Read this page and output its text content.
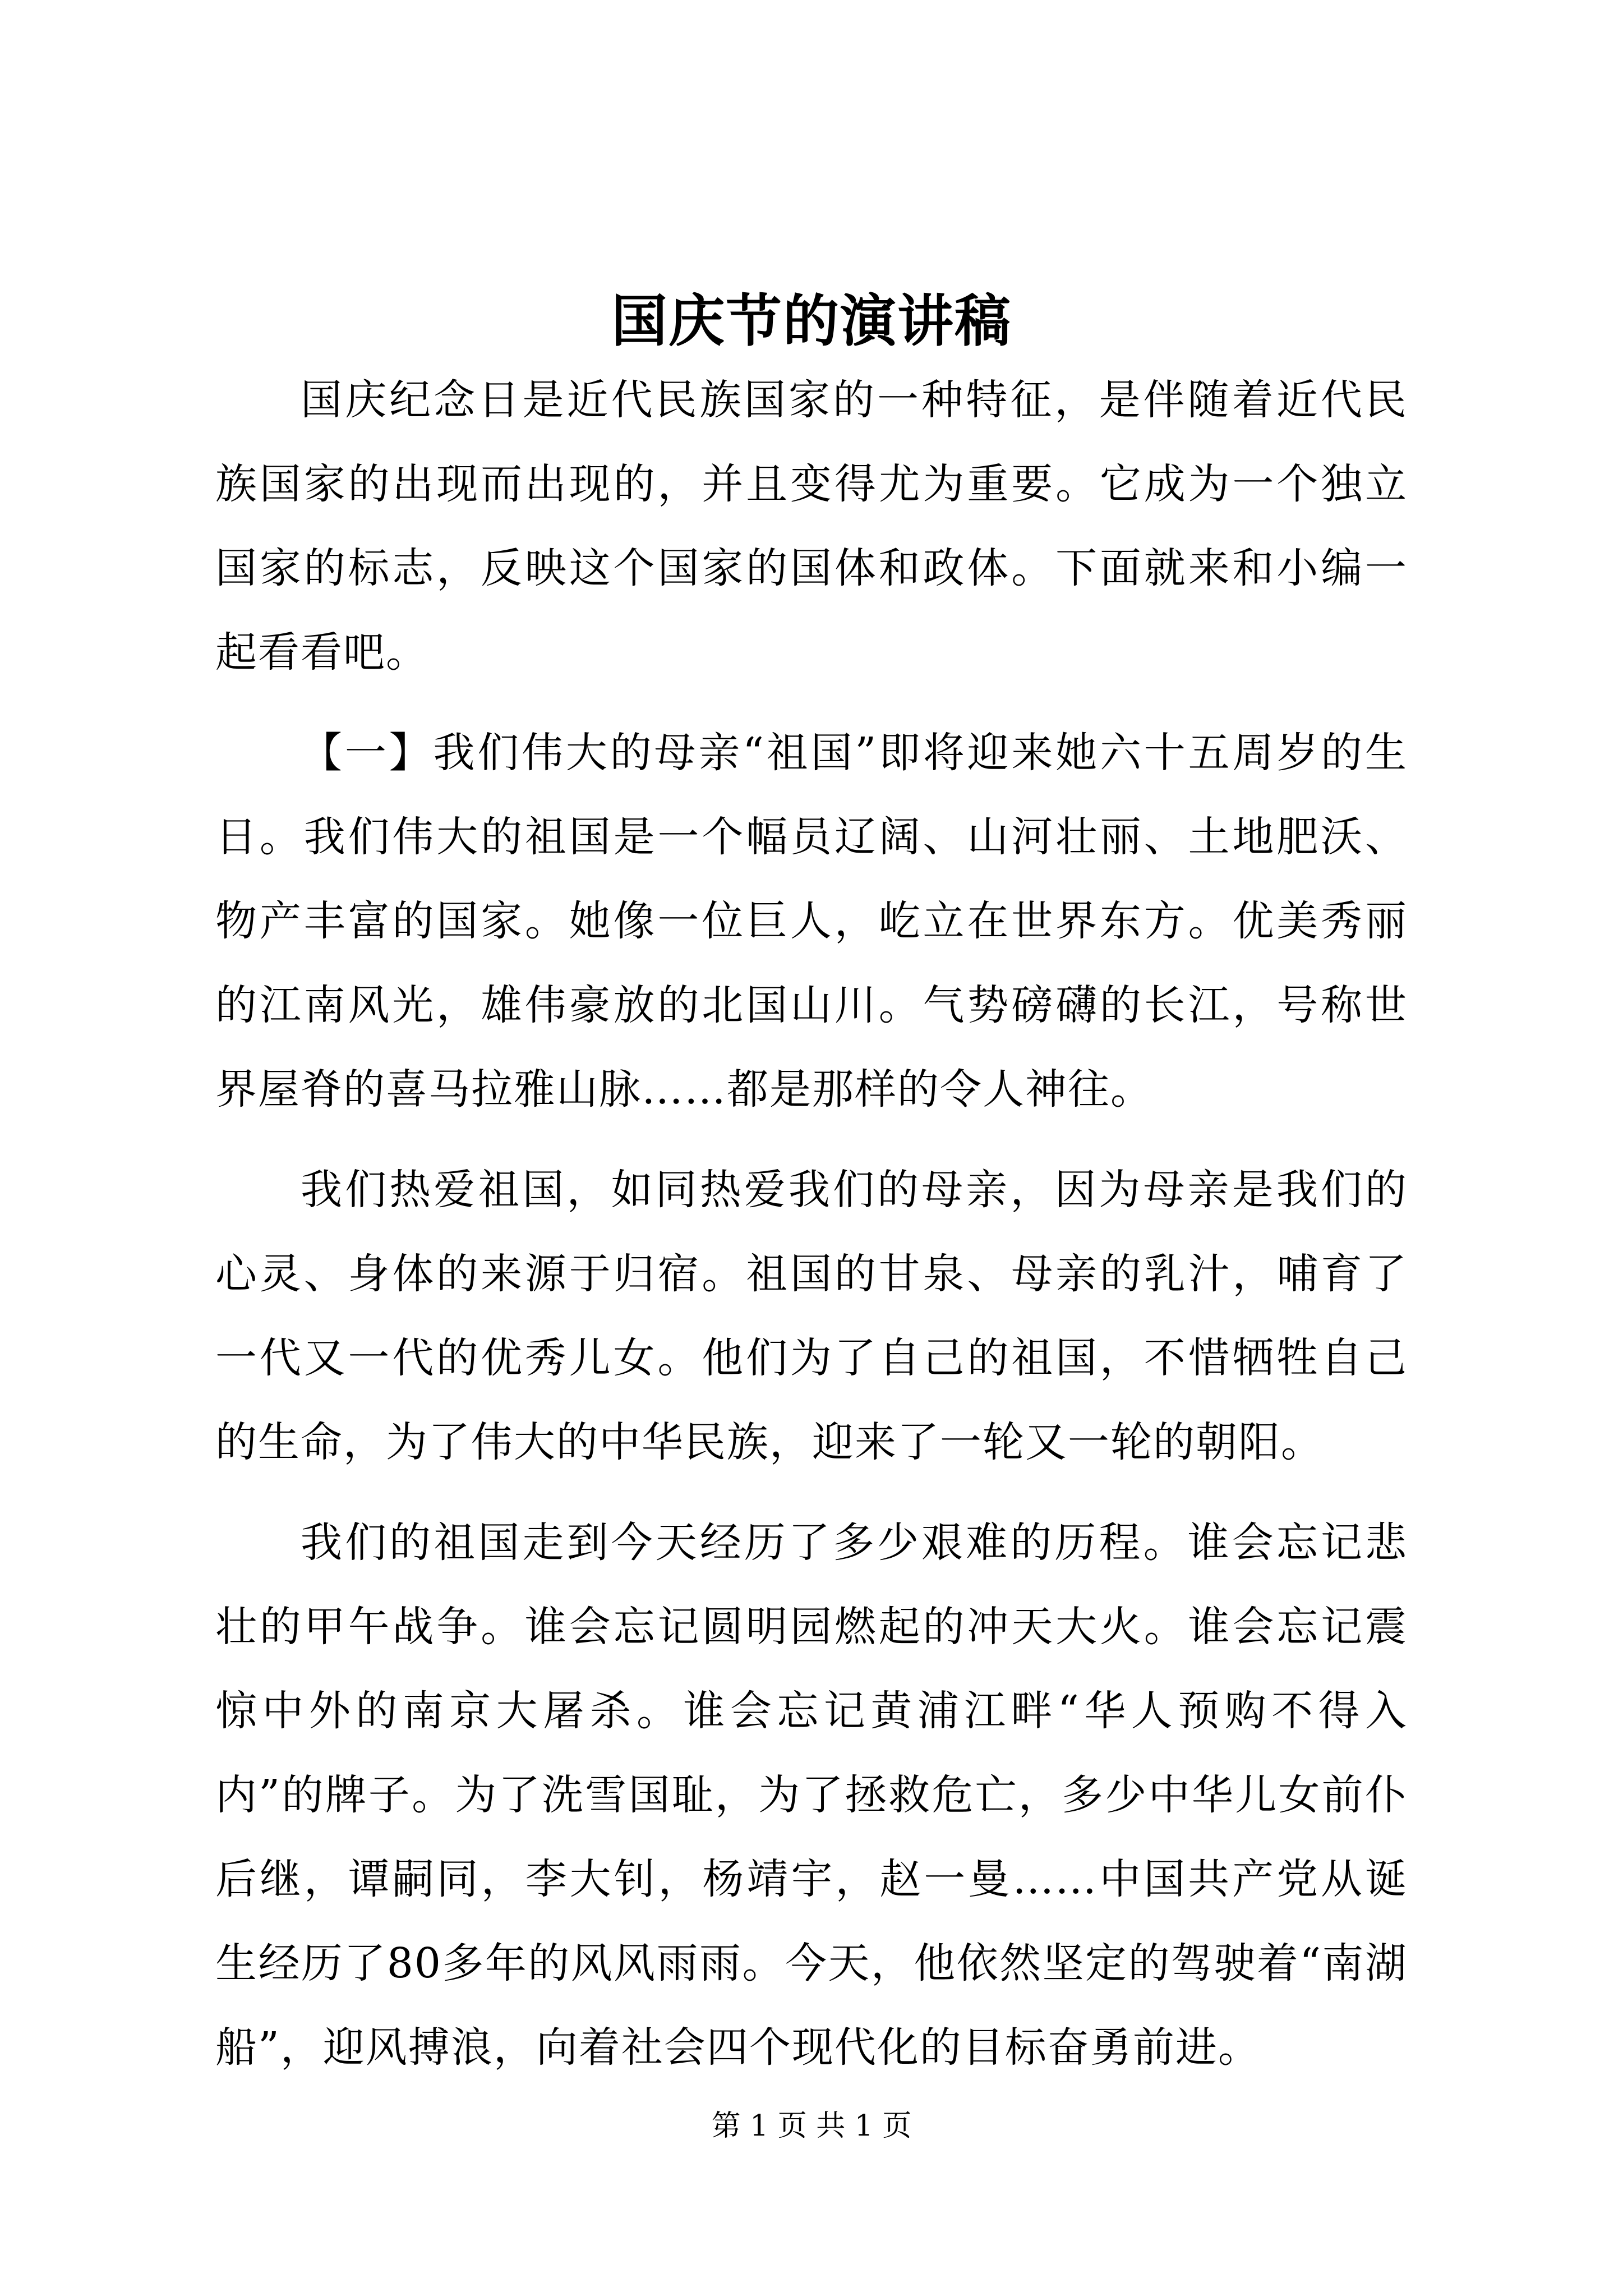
国庆节的演讲稿

国庆纪念日是近代民族国家的一种特征，是伴随着近代民族国家的出现而出现的，并且变得尤为重要。它成为一个独立国家的标志，反映这个国家的国体和政体。下面就来和小编一起看看吧。

【一】我们伟大的母亲“祖国”即将迎来她六十五周岁的生日。我们伟大的祖国是一个幅员辽阔、山河壮丽、土地肥沃、物产丰富的国家。她像一位巨人，屹立在世界东方。优美秀丽的江南风光，雄伟豪放的北国山川。气势磅礴的长江，号称世界屋脊的喜马拉雅山脉……都是那样的令人神往。

我们热爱祖国，如同热爱我们的母亲，因为母亲是我们的心灵、身体的来源于归宿。祖国的甘泉、母亲的乳汁，哺育了一代又一代的优秀儿女。他们为了自己的祖国，不惜牺牲自己的生命，为了伟大的中华民族，迎来了一轮又一轮的朝阳。

我们的祖国走到今天经历了多少艰难的历程。谁会忘记悲壮的甲午战争。谁会忘记圆明园燃起的冲天大火。谁会忘记震惊中外的南京大屠杀。谁会忘记黄浦江畔“华人预购不得入内”的牌子。为了洗雪国耻，为了拯救危亡，多少中华儿女前仆后继，谭嗣同，李大钊，杨靖宇，赵一曼……中国共产党从诞生经历了80多年的风风雨雨。今天，他依然坚定的驾驶着“南湖船”，迎风搏浪，向着社会四个现代化的目标奋勇前进。

第 1 页 共 1 页
